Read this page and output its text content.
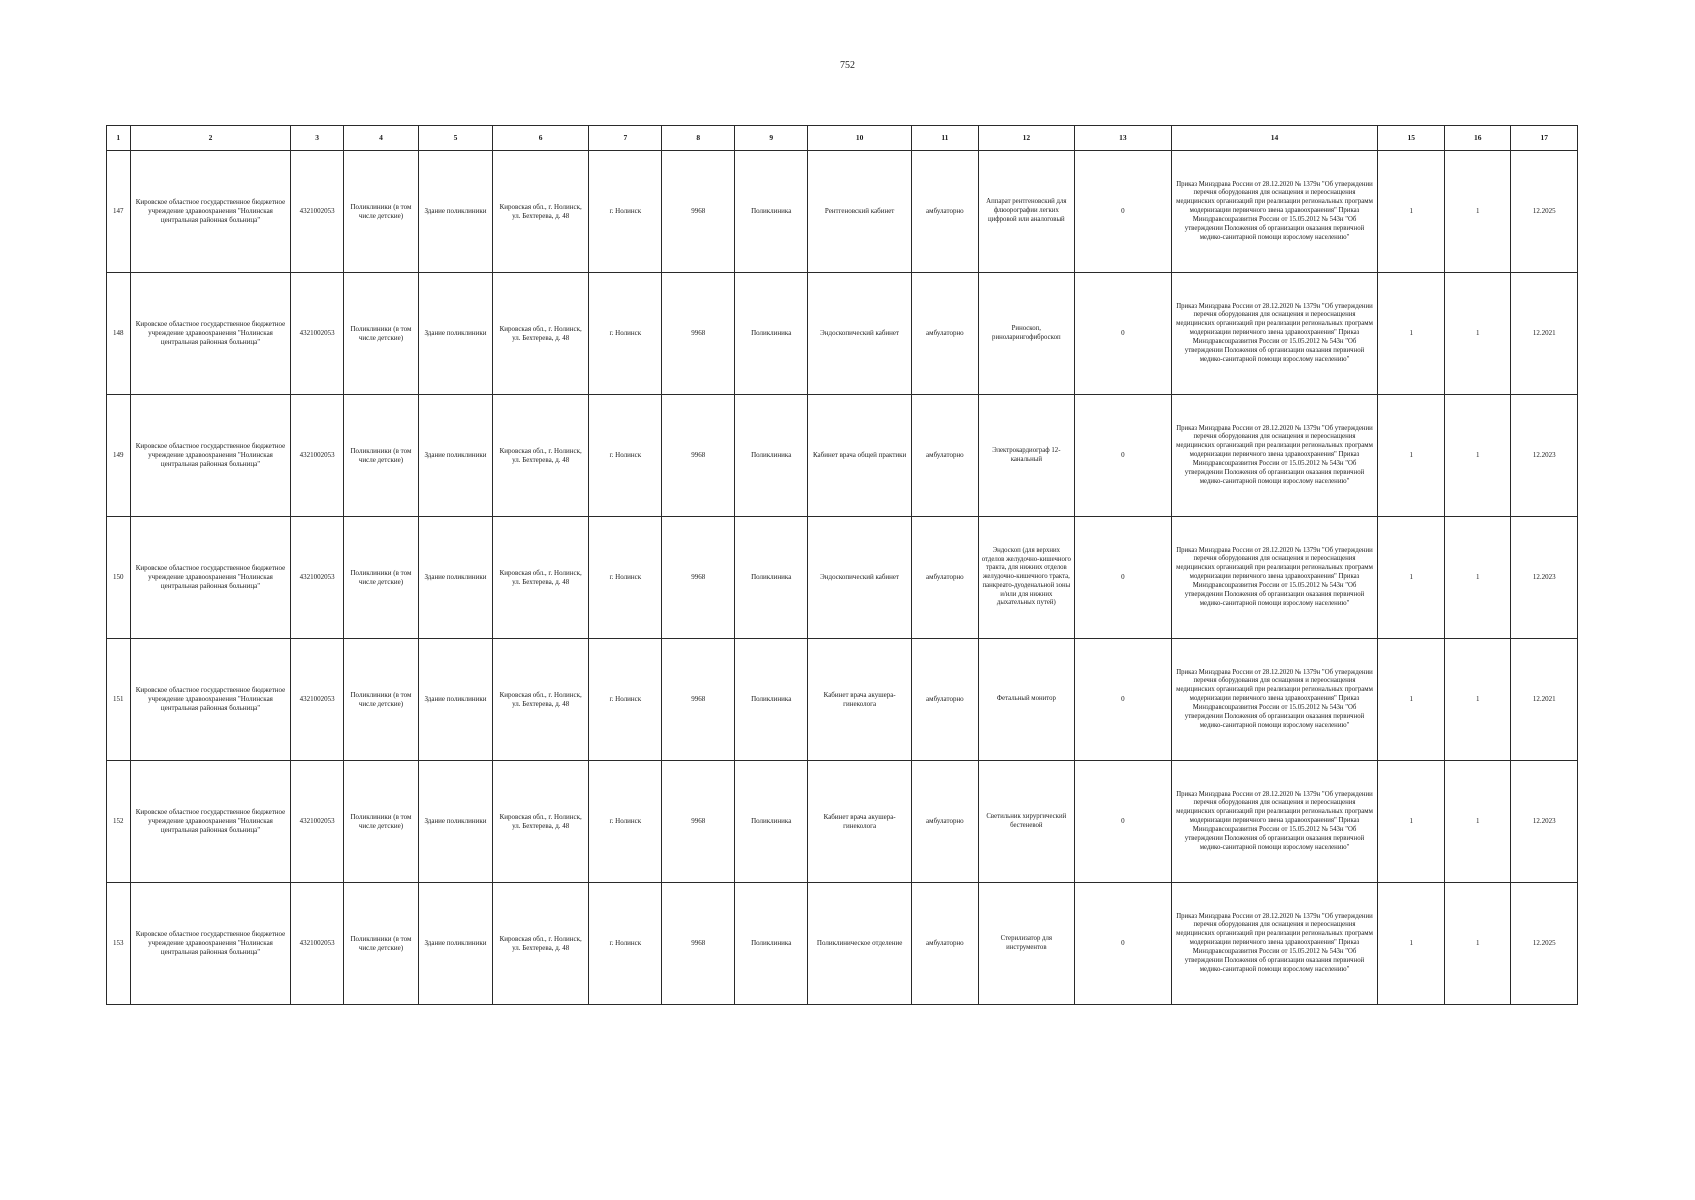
752
1	2	3	4	5	6	7	8	9	10	11	12	13	14	15	16	17
147	Кировское областное государственное бюджетное учреждение здравоохранения "Нолинская центральная районная больница"	4321002053	Поликлиники (в том числе детские)	Здание поликлиники	Кировская обл., г. Нолинск, ул. Бехтерева, д. 48	г. Нолинск	9968	Поликлиника	Рентгеновский кабинет	амбулаторно	Аппарат рентгеновский для флюорографии легких цифровой или аналоговый	0	Приказ Минздрава России от 28.12.2020 № 1379н "Об утверждении перечня оборудования для оснащения и переоснащения медицинских организаций при реализации региональных программ модернизации первичного звена здравоохранения" Приказ Минздравсоцразвития России от 15.05.2012 № 543н "Об утверждении Положения об организации оказания первичной медико-санитарной помощи взрослому населению"	1	1	12.2025
148	Кировское областное государственное бюджетное учреждение здравоохранения "Нолинская центральная районная больница"	4321002053	Поликлиники (в том числе детские)	Здание поликлиники	Кировская обл., г. Нолинск, ул. Бехтерева, д. 48	г. Нолинск	9968	Поликлиника	Эндоскопический кабинет	амбулаторно	Риноскоп, риноларингофиброскоп	0	Приказ Минздрава России от 28.12.2020 № 1379н "Об утверждении перечня оборудования для оснащения и переоснащения медицинских организаций при реализации региональных программ модернизации первичного звена здравоохранения" Приказ Минздравсоцразвития России от 15.05.2012 № 543н "Об утверждении Положения об организации оказания первичной медико-санитарной помощи взрослому населению"	1	1	12.2021
149	Кировское областное государственное бюджетное учреждение здравоохранения "Нолинская центральная районная больница"	4321002053	Поликлиники (в том числе детские)	Здание поликлиники	Кировская обл., г. Нолинск, ул. Бехтерева, д. 48	г. Нолинск	9968	Поликлиника	Кабинет врача общей практики	амбулаторно	Электрокардиограф 12-канальный	0	Приказ Минздрава России от 28.12.2020 № 1379н "Об утверждении перечня оборудования для оснащения и переоснащения медицинских организаций при реализации региональных программ модернизации первичного звена здравоохранения" Приказ Минздравсоцразвития России от 15.05.2012 № 543н "Об утверждении Положения об организации оказания первичной медико-санитарной помощи взрослому населению"	1	1	12.2023
150	Кировское областное государственное бюджетное учреждение здравоохранения "Нолинская центральная районная больница"	4321002053	Поликлиники (в том числе детские)	Здание поликлиники	Кировская обл., г. Нолинск, ул. Бехтерева, д. 48	г. Нолинск	9968	Поликлиника	Эндоскопический кабинет	амбулаторно	Эндоскоп (для верхних отделов желудочно-кишечного тракта, для нижних отделов желудочно-кишечного тракта, панкреато-дуоденальной зоны и/или для нижних дыхательных путей)	0	Приказ Минздрава России от 28.12.2020 № 1379н "Об утверждении перечня оборудования для оснащения и переоснащения медицинских организаций при реализации региональных программ модернизации первичного звена здравоохранения" Приказ Минздравсоцразвития России от 15.05.2012 № 543н "Об утверждении Положения об организации оказания первичной медико-санитарной помощи взрослому населению"	1	1	12.2023
151	Кировское областное государственное бюджетное учреждение здравоохранения "Нолинская центральная районная больница"	4321002053	Поликлиники (в том числе детские)	Здание поликлиники	Кировская обл., г. Нолинск, ул. Бехтерева, д. 48	г. Нолинск	9968	Поликлиника	Кабинет врача акушера-гинеколога	амбулаторно	Фетальный монитор	0	Приказ Минздрава России от 28.12.2020 № 1379н "Об утверждении перечня оборудования для оснащения и переоснащения медицинских организаций при реализации региональных программ модернизации первичного звена здравоохранения" Приказ Минздравсоцразвития России от 15.05.2012 № 543н "Об утверждении Положения об организации оказания первичной медико-санитарной помощи взрослому населению"	1	1	12.2021
152	Кировское областное государственное бюджетное учреждение здравоохранения "Нолинская центральная районная больница"	4321002053	Поликлиники (в том числе детские)	Здание поликлиники	Кировская обл., г. Нолинск, ул. Бехтерева, д. 48	г. Нолинск	9968	Поликлиника	Кабинет врача акушера-гинеколога	амбулаторно	Светильник хирургический бестеневой	0	Приказ Минздрава России от 28.12.2020 № 1379н "Об утверждении перечня оборудования для оснащения и переоснащения медицинских организаций при реализации региональных программ модернизации первичного звена здравоохранения" Приказ Минздравсоцразвития России от 15.05.2012 № 543н "Об утверждении Положения об организации оказания первичной медико-санитарной помощи взрослому населению"	1	1	12.2023
153	Кировское областное государственное бюджетное учреждение здравоохранения "Нолинская центральная районная больница"	4321002053	Поликлиники (в том числе детские)	Здание поликлиники	Кировская обл., г. Нолинск, ул. Бехтерева, д. 48	г. Нолинск	9968	Поликлиника	Поликлиническое отделение	амбулаторно	Стерилизатор для инструментов	0	Приказ Минздрава России от 28.12.2020 № 1379н "Об утверждении перечня оборудования для оснащения и переоснащения медицинских организаций при реализации региональных программ модернизации первичного звена здравоохранения" Приказ Минздравсоцразвития России от 15.05.2012 № 543н "Об утверждении Положения об организации оказания первичной медико-санитарной помощи взрослому населению"	1	1	12.2025
